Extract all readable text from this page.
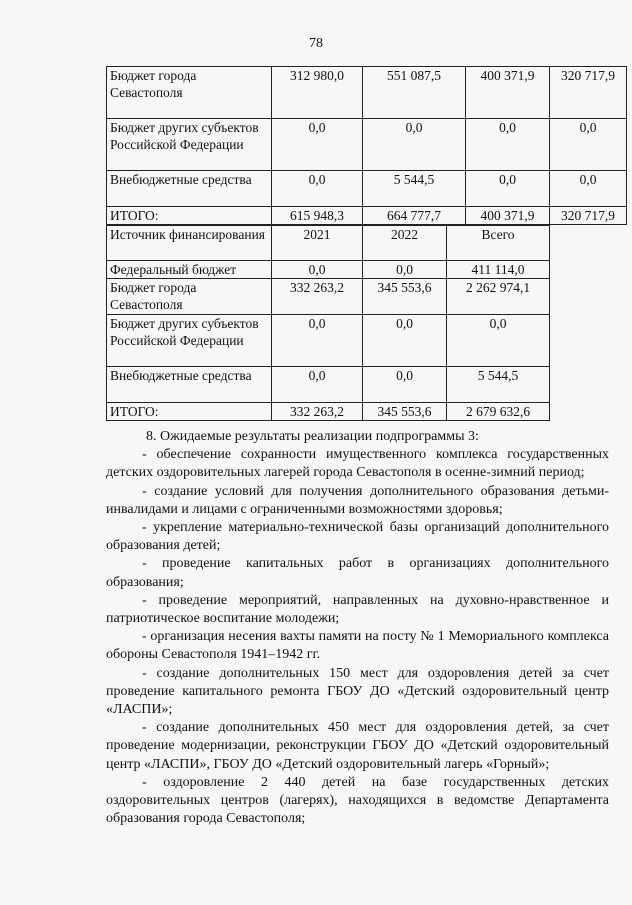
78
Бюджет города Севастополя	312 980,0	551 087,5	400 371,9	320 717,9
Бюджет других субъектов Российской Федерации	0,0	0,0	0,0	0,0
Внебюджетные средства	0,0	5 544,5	0,0	0,0
ИТОГО:	615 948,3	664 777,7	400 371,9	320 717,9
Источник финансирования	2021	2022	Всего
Федеральный бюджет	0,0	0,0	411 114,0
Бюджет города Севастополя	332 263,2	345 553,6	2 262 974,1
Бюджет других субъектов Российской Федерации	0,0	0,0	0,0
Внебюджетные средства	0,0	0,0	5 544,5
ИТОГО:	332 263,2	345 553,6	2 679 632,6

8. Ожидаемые результаты реализации подпрограммы 3:

- обеспечение сохранности имущественного комплекса государственных детских оздоровительных лагерей города Севастополя в осенне-зимний период;

- создание условий для получения дополнительного образования детьми-инвалидами и лицами с ограниченными возможностями здоровья;

- укрепление материально-технической базы организаций дополнительного образования детей;

- проведение капитальных работ в организациях дополнительного образования;

- проведение мероприятий, направленных на духовно-нравственное и патриотическое воспитание молодежи;

- организация несения вахты памяти на посту № 1 Мемориального комплекса обороны Севастополя 1941–1942 гг.

- создание дополнительных 150 мест для оздоровления детей за счет проведение капитального ремонта ГБОУ ДО «Детский оздоровительный центр «ЛАСПИ»;

- создание дополнительных 450 мест для оздоровления детей, за счет проведение модернизации, реконструкции ГБОУ ДО «Детский оздоровительный центр «ЛАСПИ», ГБОУ ДО «Детский оздоровительный лагерь «Горный»;

- оздоровление 2 440 детей на базе государственных детских оздоровительных центров (лагерях), находящихся в ведомстве Департамента образования города Севастополя;
